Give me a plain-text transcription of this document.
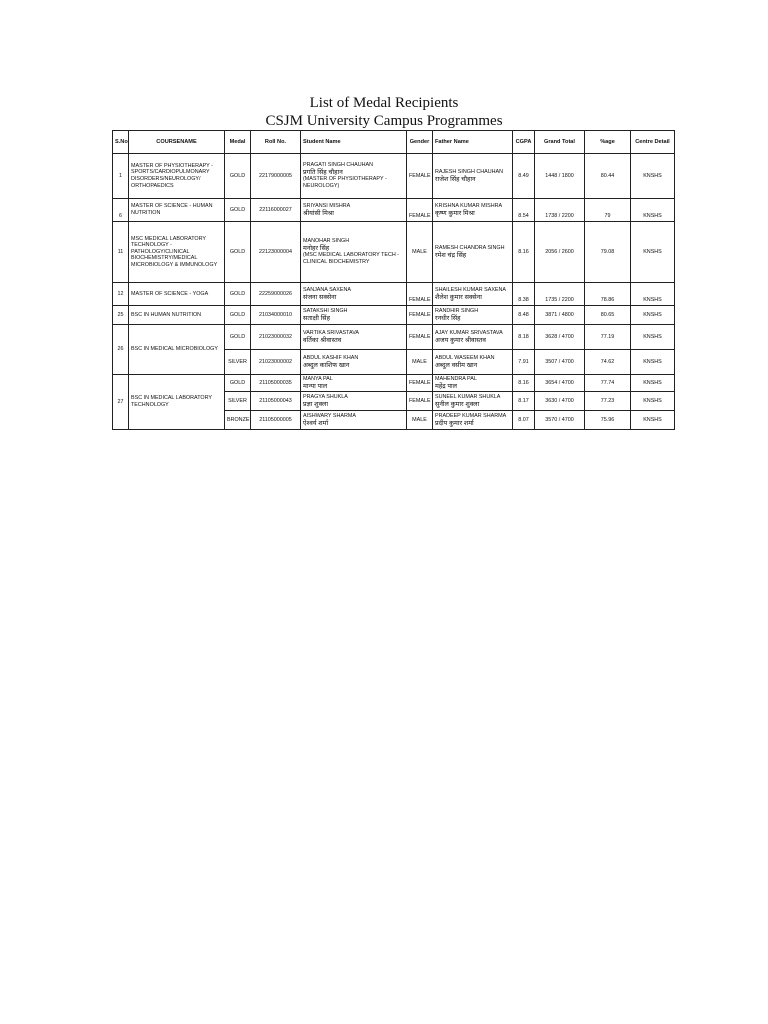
List of Medal Recipients
CSJM University Campus Programmes
S.No	COURSENAME	Medal	Roll No.	Student Name	Gender	Father Name	CGPA	Grand Total	%age	Centre Detail
1	MASTER OF PHYSIOTHERAPY - SPORTS/CARDIOPULMONARY DISORDERS/NEUROLOGY/ ORTHOPAEDICS	GOLD	22179000005	PRAGATI SINGH CHAUHAN
प्रगति सिंह चौहान
(MASTER OF PHYSIOTHERAPY - NEUROLOGY)	FEMALE	RAJESH SINGH CHAUHAN
राजेश सिंह चौहान	8.49	1448 / 1800	80.44	KNSHS
6	MASTER OF SCIENCE - HUMAN NUTRITION	GOLD	22116000027	SRIYANSI MISHRA
श्रीयांसी मिश्रा	FEMALE	KRISHNA KUMAR MISHRA
कृष्ण कुमार मिश्रा	8.54	1738 / 2200	79	KNSHS
11	MSC MEDICAL LABORATORY TECHNOLOGY - PATHOLOGY/CLINICAL BIOCHEMISTRY/MEDICAL MICROBIOLOGY & IMMUNOLOGY	GOLD	22123000004	MANOHAR SINGH
मनोहर सिंह
(MSC MEDICAL LABORATORY TECH - CLINICAL BIOCHEMISTRY	MALE	RAMESH CHANDRA SINGH
रमेश चंद्र सिंह	8.16	2056 / 2600	79.08	KNSHS
12	MASTER OF SCIENCE - YOGA	GOLD	22259000026	SANJANA SAXENA
संजना सक्सेना	FEMALE	SHAILESH KUMAR SAXENA
शैलेश कुमार सक्सेना	8.38	1735 / 2200	78.86	KNSHS
25	BSC IN HUMAN NUTRITION	GOLD	21034000010	SATAKSHI SINGH
सताक्षी सिंह	FEMALE	RANDHIR SINGH
रनधीर सिंह	8.48	3871 / 4800	80.65	KNSHS
26	BSC IN MEDICAL MICROBIOLOGY	GOLD	21023000032	VARTIKA SRIVASTAVA
वर्तिका श्रीवास्तव	FEMALE	AJAY KUMAR SRIVASTAVA
अजय कुमार श्रीवास्तव	8.18	3628 / 4700	77.19	KNSHS
		SILVER	21023000002	ABDUL KASHIF KHAN
अब्दुल काशिफ खान	MALE	ABDUL WASEEM KHAN
अब्दुल वसीम खान	7.91	3507 / 4700	74.62	KNSHS
27	BSC IN MEDICAL LABORATORY TECHNOLOGY	GOLD	21105000035	MANYA PAL
मान्या पाल	FEMALE	MAHENDRA PAL
महेंद्र पाल	8.16	3654 / 4700	77.74	KNSHS
		SILVER	21105000043	PRAGYA SHUKLA
प्रज्ञा शुक्ला	FEMALE	SUNEEL KUMAR SHUKLA
सुनील कुमार शुक्ला	8.17	3630 / 4700	77.23	KNSHS
		BRONZE	21105000005	AISHWARY SHARMA
ऐश्वर्य शर्मा	MALE	PRADEEP KUMAR SHARMA
प्रदीप कुमार शर्मा	8.07	3570 / 4700	75.96	KNSHS
